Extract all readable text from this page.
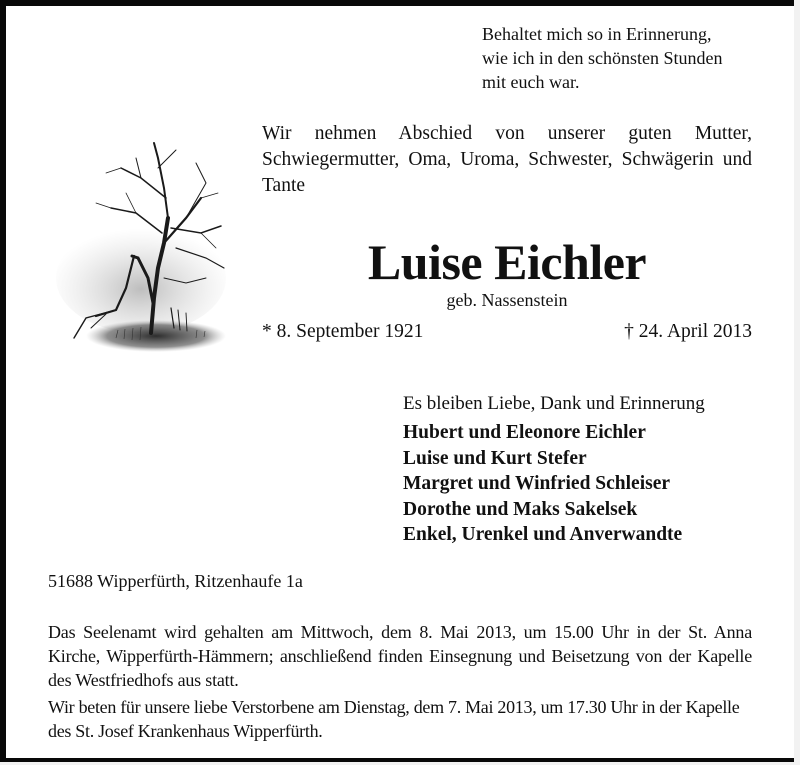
Behaltet mich so in Erinnerung,
wie ich in den schönsten Stunden
mit euch war.
Wir nehmen Abschied von unserer guten Mutter, Schwiegermutter, Oma, Uroma, Schwester, Schwägerin und Tante
Luise Eichler
geb. Nassenstein
* 8. September 1921	† 24. April 2013
Es bleiben Liebe, Dank und Erinnerung
Hubert und Eleonore Eichler
Luise und Kurt Stefer
Margret und Winfried Schleiser
Dorothe und Maks Sakelsek
Enkel, Urenkel und Anverwandte
51688 Wipperfürth, Ritzenhaufe 1a
Das Seelenamt wird gehalten am Mittwoch, dem 8. Mai 2013, um 15.00 Uhr in der St. Anna Kirche, Wipperfürth-Hämmern; anschließend finden Einsegnung und Beisetzung von der Kapelle des Westfriedhofs aus statt.
Wir beten für unsere liebe Verstorbene am Dienstag, dem 7. Mai 2013, um 17.30 Uhr in der Kapelle des St. Josef Krankenhaus Wipperfürth.
